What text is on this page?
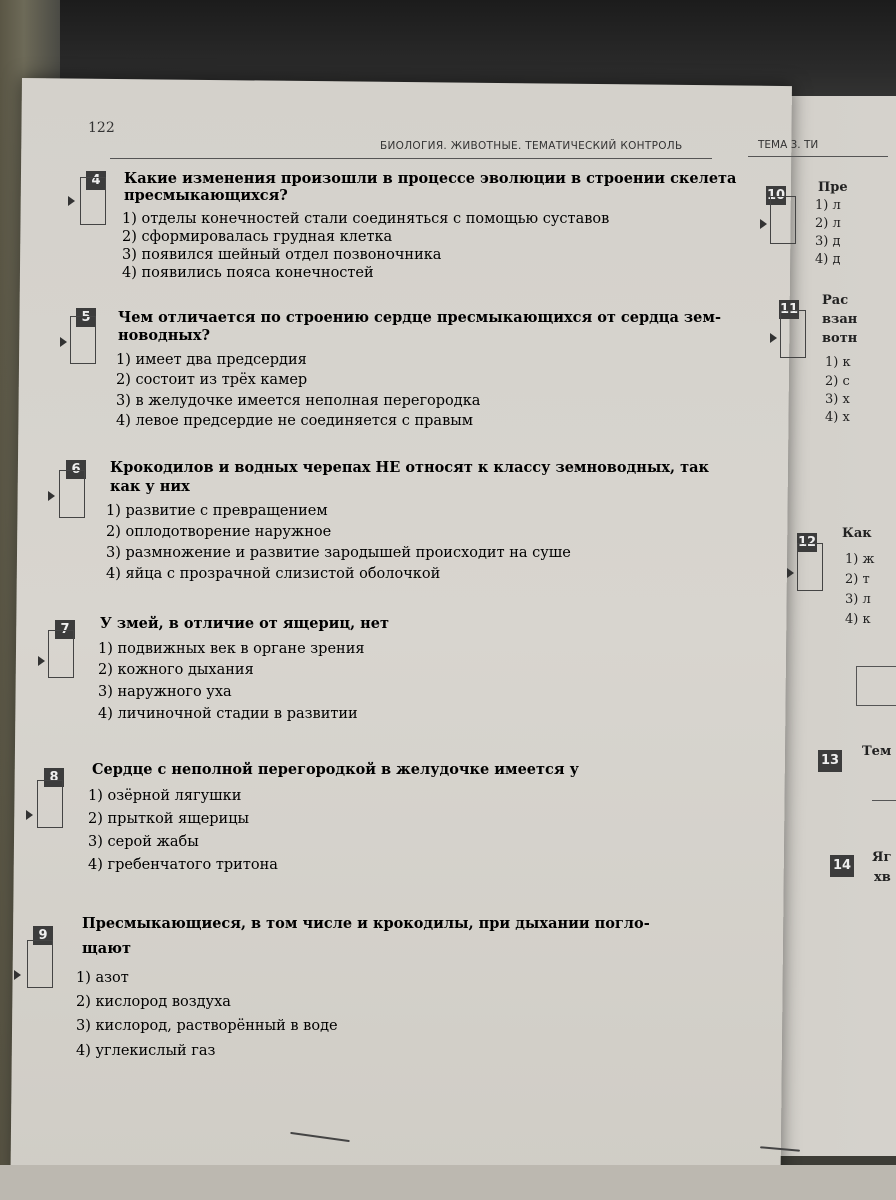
122
БИОЛОГИЯ. ЖИВОТНЫЕ. ТЕМАТИЧЕСКИЙ КОНТРОЛЬ	ТЕМА 3. ТИ
4	Какие изменения произошли в процессе эволюции в строении скелета
пресмыкающихся?
1) отделы конечностей стали соединяться с помощью суставов
2) сформировалась грудная клетка
3) появился шейный отдел позвоночника
4) появились пояса конечностей
5	Чем отличается по строению сердце пресмыкающихся от сердца зем-
новодных?
1) имеет два предсердия
2) состоит из трёх камер
3) в желудочке имеется неполная перегородка
4) левое предсердие не соединяется с правым
6	Крокодилов и водных черепах НЕ относят к классу земноводных, так
как у них
1) развитие с превращением
2) оплодотворение наружное
3) размножение и развитие зародышей происходит на суше
4) яйца с прозрачной слизистой оболочкой
7	У змей, в отличие от ящериц, нет
1) подвижных век в органе зрения
2) кожного дыхания
3) наружного уха
4) личиночной стадии в развитии
8	Сердце с неполной перегородкой в желудочке имеется у
1) озёрной лягушки
2) прыткой ящерицы
3) серой жабы
4) гребенчатого тритона
9
Пресмыкающиеся, в том числе и крокодилы, при дыхании погло-
щают
1) азот
2) кислород воздуха
3) кислород, растворённый в воде
4) углекислый газ
10
Пре
1) л
2) л
3) д
4) д
11
Рас
взан
вотн
1) к
2) с
3) х
4) х
12
Как
1) ж
2) т
3) л
4) к
13
Тем
14
Яг
хв
